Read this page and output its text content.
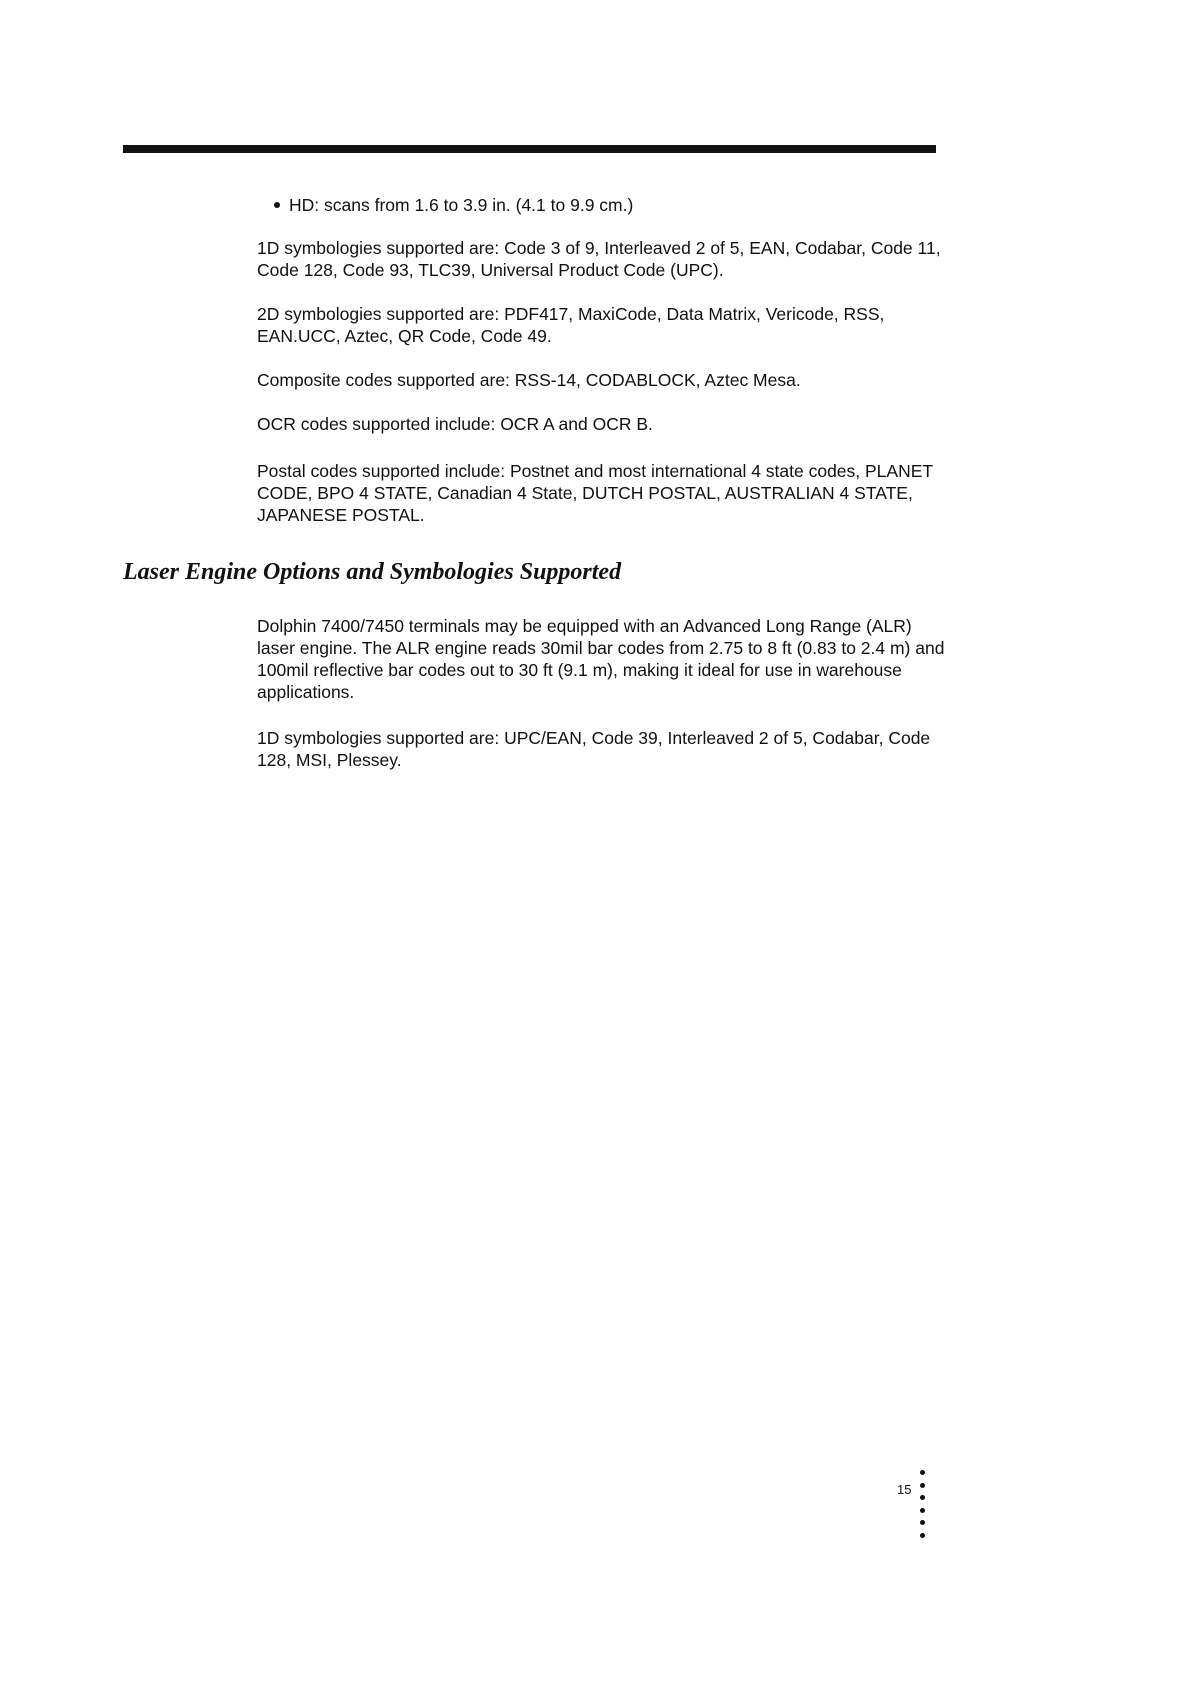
HD: scans from 1.6 to 3.9 in. (4.1 to 9.9 cm.)

1D symbologies supported are: Code 3 of 9, Interleaved 2 of 5, EAN, Codabar, Code 11, Code 128, Code 93, TLC39, Universal Product Code (UPC).

2D symbologies supported are: PDF417, MaxiCode, Data Matrix, Vericode, RSS, EAN.UCC, Aztec, QR Code, Code 49.

Composite codes supported are: RSS-14, CODABLOCK, Aztec Mesa.

OCR codes supported include: OCR A and OCR B.

Postal codes supported include: Postnet and most international 4 state codes, PLANET CODE, BPO 4 STATE, Canadian 4 State, DUTCH POSTAL, AUSTRALIAN 4 STATE, JAPANESE POSTAL.

Laser Engine Options and Symbologies Supported

Dolphin 7400/7450 terminals may be equipped with an Advanced Long Range (ALR) laser engine. The ALR engine reads 30mil bar codes from 2.75 to 8 ft (0.83 to 2.4 m) and 100mil reflective bar codes out to 30 ft (9.1 m), making it ideal for use in warehouse applications.

1D symbologies supported are: UPC/EAN, Code 39, Interleaved 2 of 5, Codabar, Code 128, MSI, Plessey.

15
